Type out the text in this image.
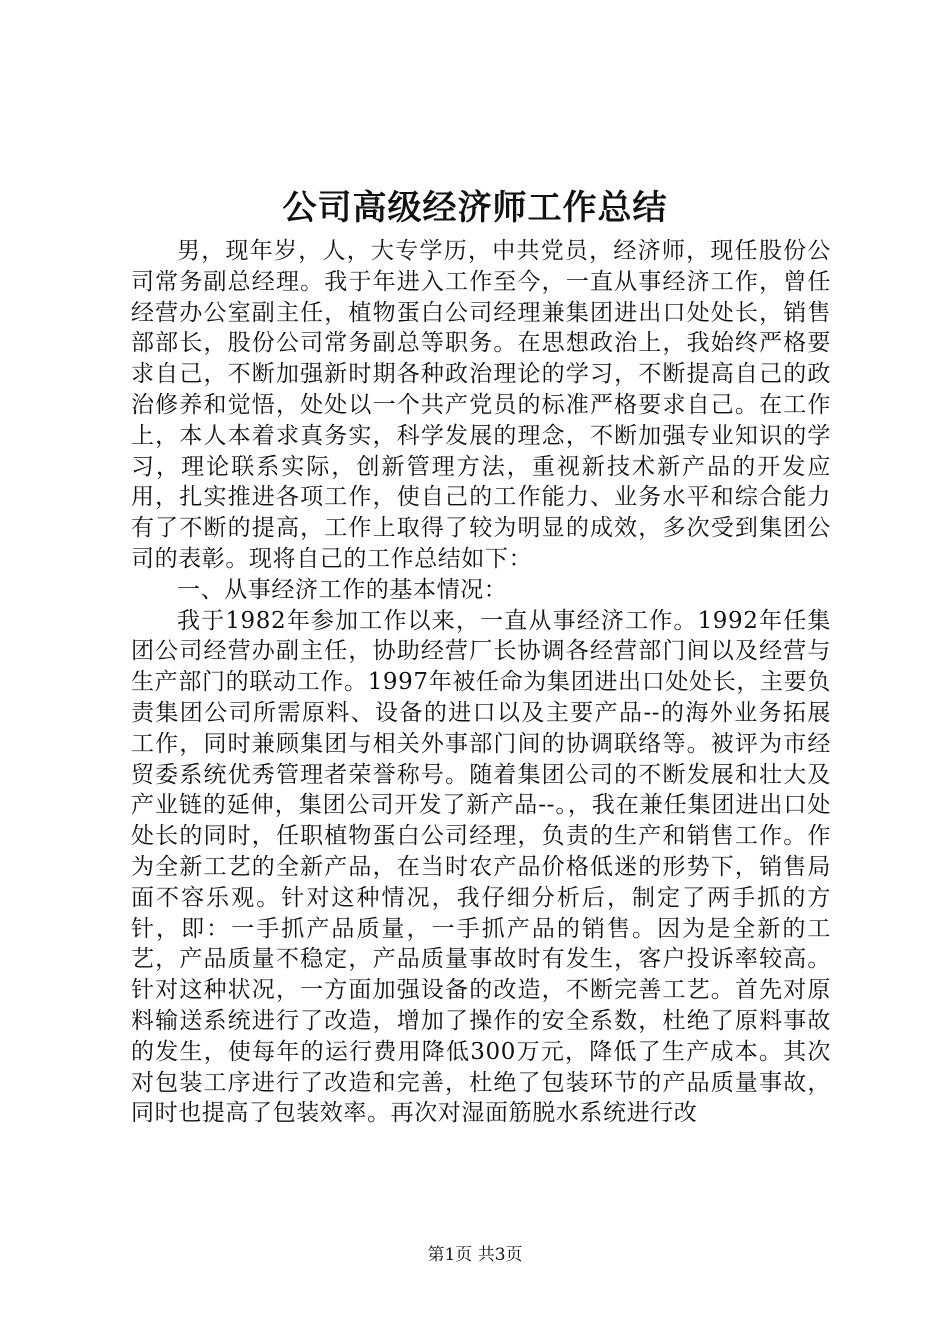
公司高级经济师工作总结

男，现年岁，人，大专学历，中共党员，经济师，现任股份公司常务副总经理。我于年进入工作至今，一直从事经济工作，曾任经营办公室副主任，植物蛋白公司经理兼集团进出口处处长，销售部部长，股份公司常务副总等职务。在思想政治上，我始终严格要求自己，不断加强新时期各种政治理论的学习，不断提高自己的政治修养和觉悟，处处以一个共产党员的标准严格要求自己。在工作上，本人本着求真务实，科学发展的理念，不断加强专业知识的学习，理论联系实际，创新管理方法，重视新技术新产品的开发应用，扎实推进各项工作，使自己的工作能力、业务水平和综合能力有了不断的提高，工作上取得了较为明显的成效，多次受到集团公司的表彰。现将自己的工作总结如下：

一、从事经济工作的基本情况：

我于1982年参加工作以来，一直从事经济工作。1992年任集团公司经营办副主任，协助经营厂长协调各经营部门间以及经营与生产部门的联动工作。1997年被任命为集团进出口处处长，主要负责集团公司所需原料、设备的进口以及主要产品--的海外业务拓展工作，同时兼顾集团与相关外事部门间的协调联络等。被评为市经贸委系统优秀管理者荣誉称号。随着集团公司的不断发展和壮大及产业链的延伸，集团公司开发了新产品--。，我在兼任集团进出口处处长的同时，任职植物蛋白公司经理，负责的生产和销售工作。作为全新工艺的全新产品，在当时农产品价格低迷的形势下，销售局面不容乐观。针对这种情况，我仔细分析后，制定了两手抓的方针，即：一手抓产品质量，一手抓产品的销售。因为是全新的工艺，产品质量不稳定，产品质量事故时有发生，客户投诉率较高。针对这种状况，一方面加强设备的改造，不断完善工艺。首先对原料输送系统进行了改造，增加了操作的安全系数，杜绝了原料事故的发生，使每年的运行费用降低300万元，降低了生产成本。其次对包装工序进行了改造和完善，杜绝了包装环节的产品质量事故，同时也提高了包装效率。再次对湿面筋脱水系统进行改

第1页 共3页
